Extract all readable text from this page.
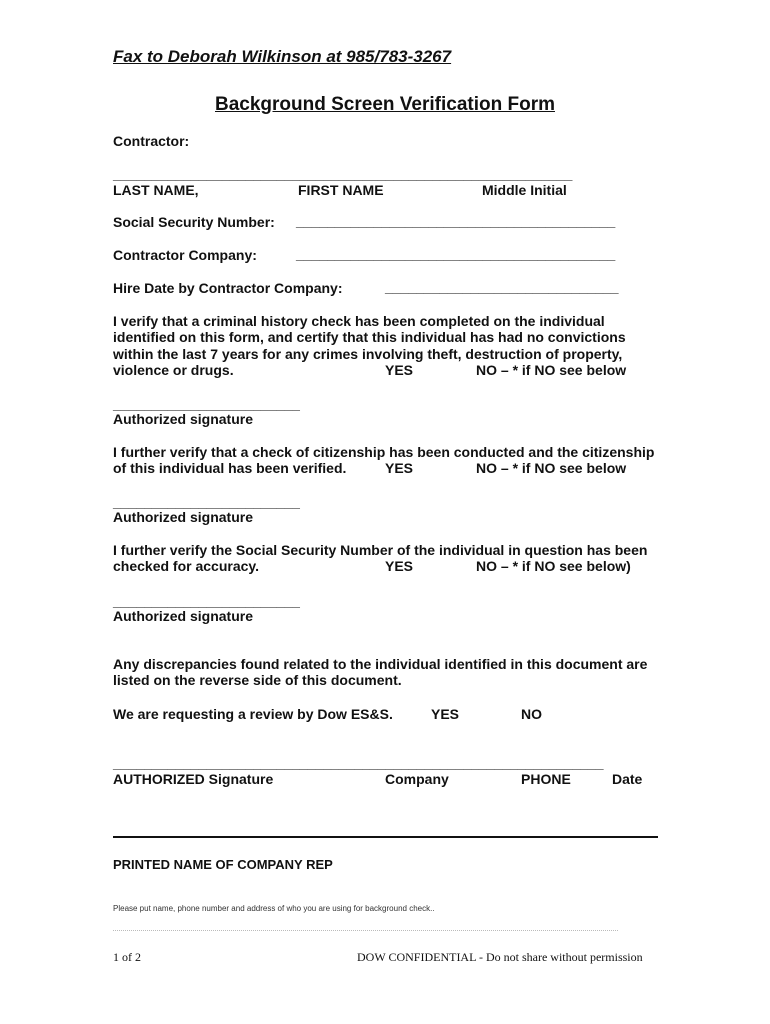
Fax to Deborah Wilkinson at 985/783-3267
Background Screen Verification Form
Contractor:
___________________________________________________________
LAST NAME,	FIRST NAME	Middle Initial
Social Security Number: _________________________________________
Contractor Company:	_________________________________________
Hire Date by Contractor Company:	______________________________
I verify that a criminal history check has been completed on the individual
identified on this form, and certify that this individual has had no convictions
within the last 7 years for any crimes involving theft, destruction of property,
violence or drugs.	YES	NO – * if NO see below
________________________
Authorized signature
I further verify that a check of citizenship has been conducted and the citizenship
of this individual has been verified.	YES	NO – * if NO see below
________________________
Authorized signature
I further verify the Social Security Number of the individual in question has been
checked for accuracy.	YES	NO – * if NO see below)
________________________
Authorized signature
Any discrepancies found related to the individual identified in this document are
listed on the reverse side of this document.
We are requesting a review by Dow ES&S.	YES	NO
_______________________________________________________________
AUTHORIZED Signature	Company	PHONE	Date
PRINTED NAME OF COMPANY REP
Please put name, phone number and address of who you are using for background check..
1 of 2	DOW CONFIDENTIAL - Do not share without permission
